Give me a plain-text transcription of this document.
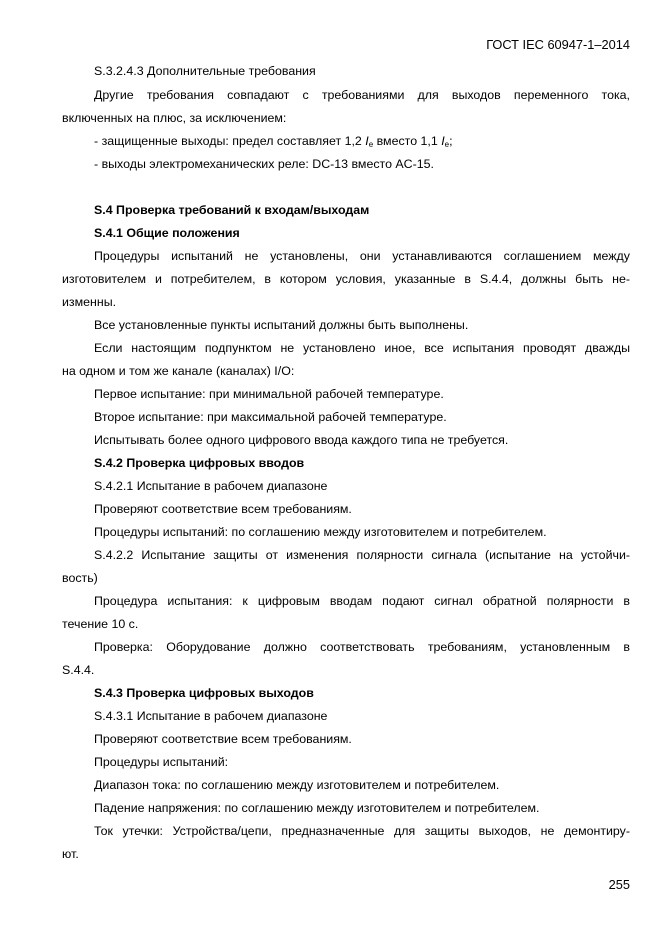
ГОСТ IEC 60947-1–2014
S.3.2.4.3 Дополнительные требования
Другие требования совпадают с требованиями для выходов переменного тока,
включенных на плюс, за исключением:
- защищенные выходы: предел составляет 1,2 $I_e$ вместо 1,1 $I_e$;
- выходы электромеханических реле: DC-13 вместо AC-15.
S.4 Проверка требований к входам/выходам
S.4.1 Общие положения
Процедуры испытаний не установлены, они устанавливаются соглашением между
изготовителем и потребителем, в котором условия, указанные в S.4.4, должны быть не-
изменны.
Все установленные пункты испытаний должны быть выполнены.
Если настоящим подпунктом не установлено иное, все испытания проводят дважды
на одном и том же канале (каналах) I/O:
Первое испытание: при минимальной рабочей температуре.
Второе испытание: при максимальной рабочей температуре.
Испытывать более одного цифрового ввода каждого типа не требуется.
S.4.2 Проверка цифровых вводов
S.4.2.1 Испытание в рабочем диапазоне
Проверяют соответствие всем требованиям.
Процедуры испытаний: по соглашению между изготовителем и потребителем.
S.4.2.2 Испытание защиты от изменения полярности сигнала (испытание на устойчи-
вость)
Процедура испытания: к цифровым вводам подают сигнал обратной полярности в
течение 10 с.
Проверка: Оборудование должно соответствовать требованиям, установленным в
S.4.4.
S.4.3 Проверка цифровых выходов
S.4.3.1 Испытание в рабочем диапазоне
Проверяют соответствие всем требованиям.
Процедуры испытаний:
Диапазон тока: по соглашению между изготовителем и потребителем.
Падение напряжения: по соглашению между изготовителем и потребителем.
Ток утечки: Устройства/цепи, предназначенные для защиты выходов, не демонтиру-
ют.
255
